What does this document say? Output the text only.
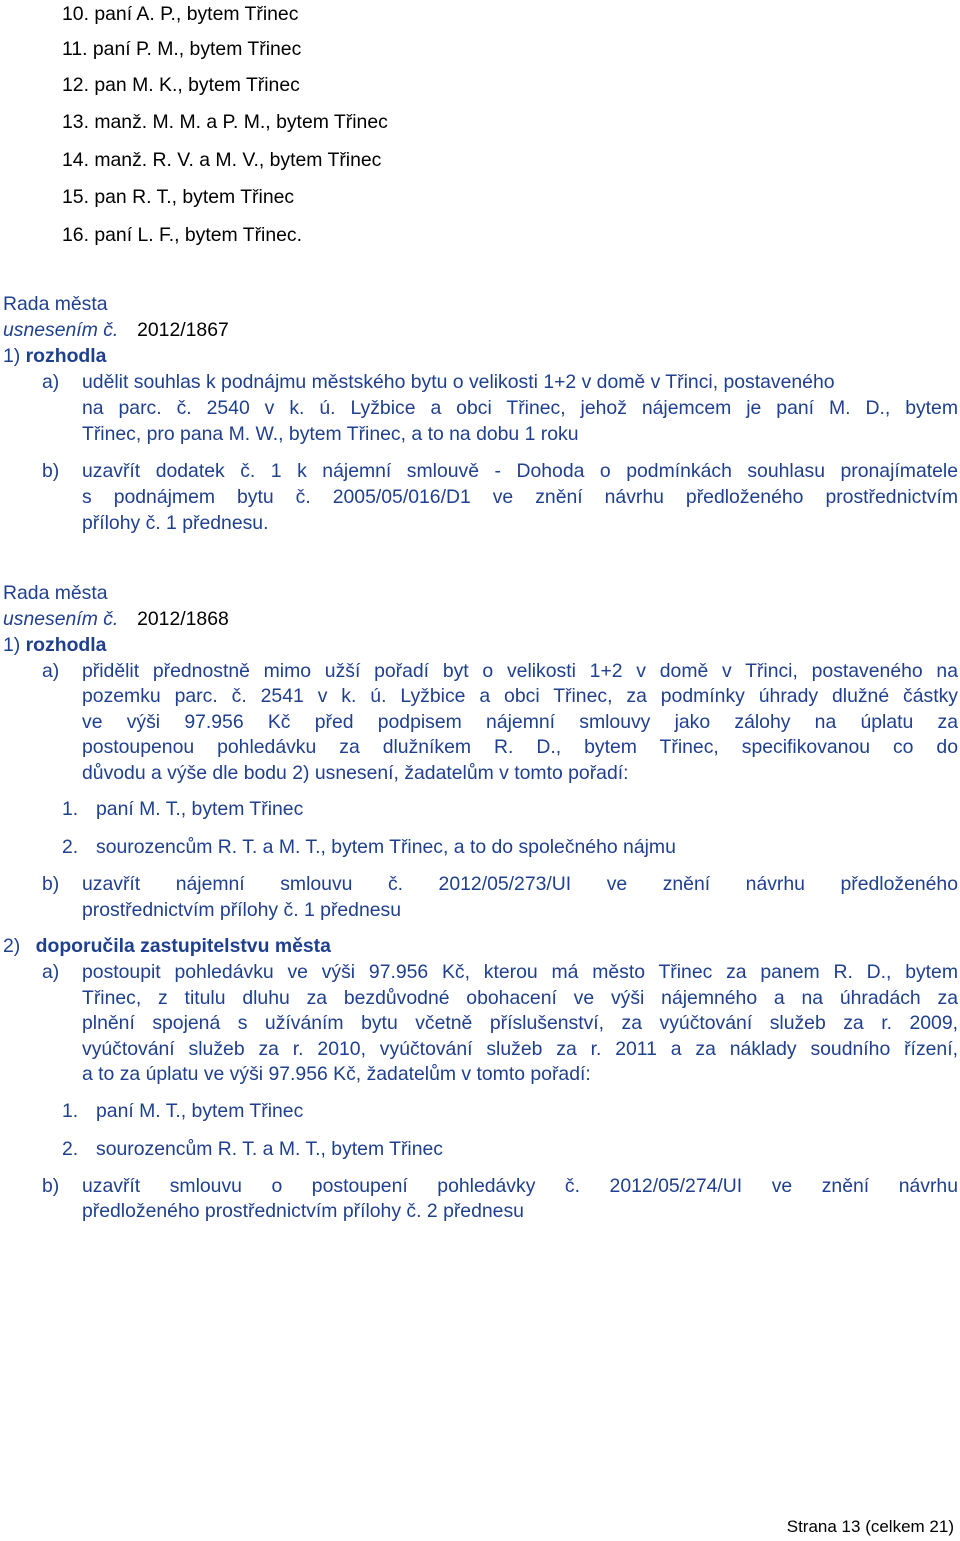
10. paní A. P., bytem Třinec
11. paní P. M., bytem Třinec
12. pan M. K., bytem Třinec
13. manž. M. M. a P. M., bytem Třinec
14. manž. R. V. a M. V., bytem Třinec
15. pan R. T., bytem Třinec
16. paní L. F., bytem Třinec.
Rada města
usnesením č. 2012/1867
1) rozhodla
a) udělit souhlas k podnájmu městského bytu o velikosti 1+2 v domě v Třinci, postaveného
na parc. č. 2540 v k. ú. Lyžbice a obci Třinec, jehož nájemcem je paní M. D., bytem
Třinec, pro pana M. W., bytem Třinec, a to na dobu 1 roku
b) uzavřít dodatek č. 1 k nájemní smlouvě - Dohoda o podmínkách souhlasu pronajímatele
s podnájmem bytu č. 2005/05/016/D1 ve znění návrhu předloženého prostřednictvím
přílohy č. 1 přednesu.
Rada města
usnesením č. 2012/1868
1) rozhodla
a) přidělit přednostně mimo užší pořadí byt o velikosti 1+2 v domě v Třinci, postaveného na
pozemku parc. č. 2541 v k. ú. Lyžbice a obci Třinec, za podmínky úhrady dlužné částky
ve výši 97.956 Kč před podpisem nájemní smlouvy jako zálohy na úplatu za
postoupenou pohledávku za dlužníkem R. D., bytem Třinec, specifikovanou co do
důvodu a výše dle bodu 2) usnesení, žadatelům v tomto pořadí:
1. paní M. T., bytem Třinec
2. sourozencům R. T. a M. T., bytem Třinec, a to do společného nájmu
b) uzavřít nájemní smlouvu č. 2012/05/273/UI ve znění návrhu předloženého
prostřednictvím přílohy č. 1 přednesu
2) doporučila zastupitelstvu města
a) postoupit pohledávku ve výši 97.956 Kč, kterou má město Třinec za panem R. D., bytem
Třinec, z titulu dluhu za bezdůvodné obohacení ve výši nájemného a na úhradách za
plnění spojená s užíváním bytu včetně příslušenství, za vyúčtování služeb za r. 2009,
vyúčtování služeb za r. 2010, vyúčtování služeb za r. 2011 a za náklady soudního řízení,
a to za úplatu ve výši 97.956 Kč, žadatelům v tomto pořadí:
1. paní M. T., bytem Třinec
2. sourozencům R. T. a M. T., bytem Třinec
b) uzavřít smlouvu o postoupení pohledávky č. 2012/05/274/UI ve znění návrhu
předloženého prostřednictvím přílohy č. 2 přednesu
Strana 13 (celkem 21)
